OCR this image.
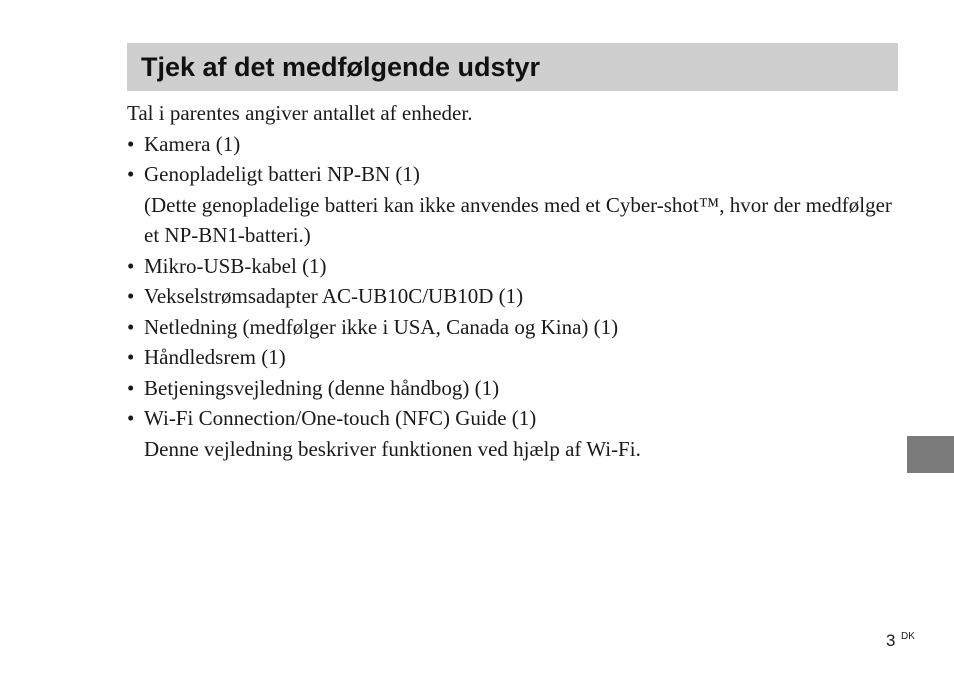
Tjek af det medfølgende udstyr

Tal i parentes angiver antallet af enheder.

• Kamera (1)
• Genopladeligt batteri NP-BN (1)
(Dette genopladelige batteri kan ikke anvendes med et Cyber-shot™, hvor der medfølger et NP-BN1-batteri.)
• Mikro-USB-kabel (1)
• Vekselstrømsadapter AC-UB10C/UB10D (1)
• Netledning (medfølger ikke i USA, Canada og Kina) (1)
• Håndledsrem (1)
• Betjeningsvejledning (denne håndbog) (1)
• Wi-Fi Connection/One-touch (NFC) Guide (1)
Denne vejledning beskriver funktionen ved hjælp af Wi-Fi.
3 DK
